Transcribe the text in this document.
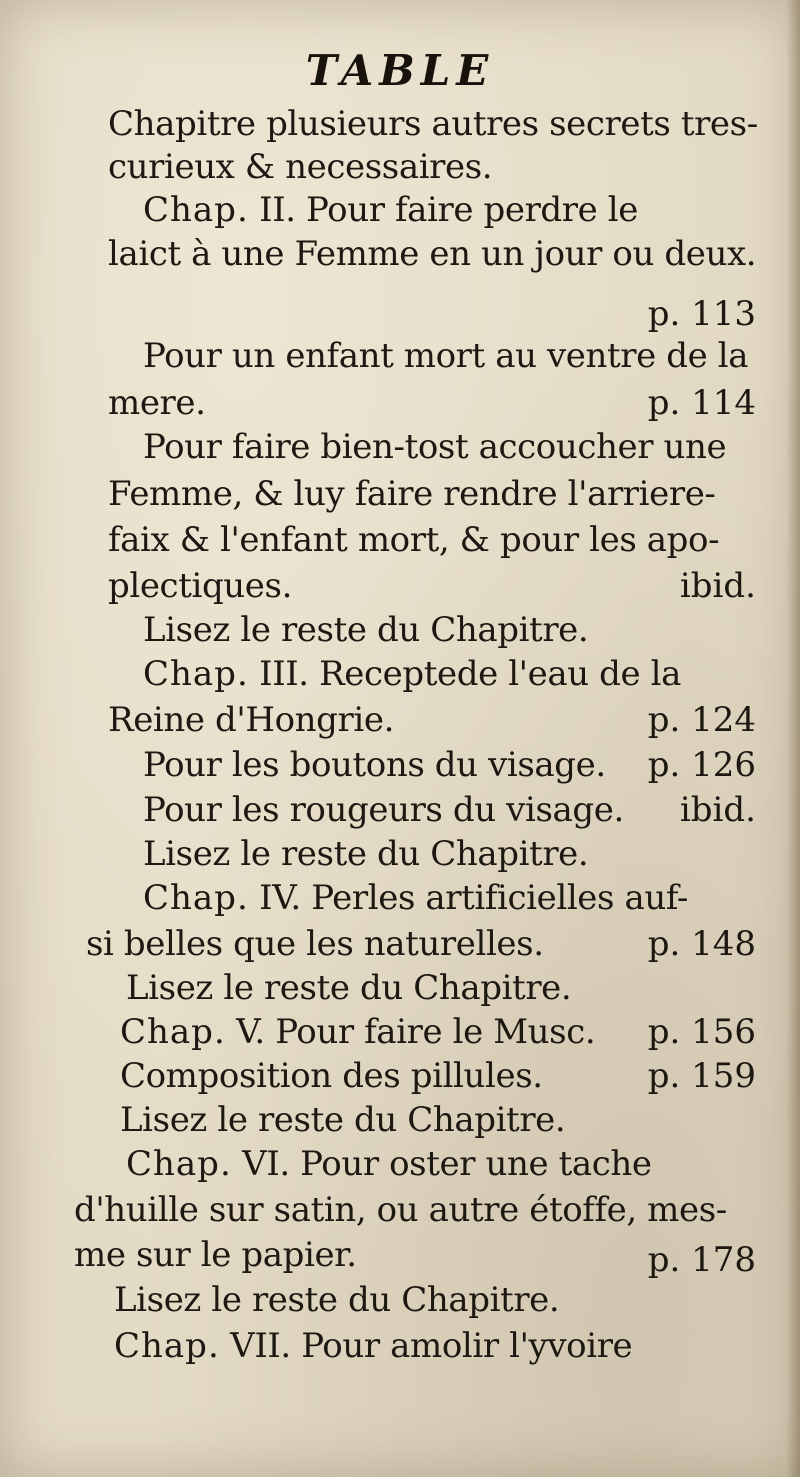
TABLE
Chapitre plusieurs autres secrets tres-
curieux & necessaires.
Chap. II. Pour faire perdre le
laict à une Femme en un jour ou deux.
p. 113
Pour un enfant mort au ventre de la
mere.	p. 114
Pour faire bien-tost accoucher une
Femme, & luy faire rendre l'arriere-
faix & l'enfant mort, & pour les apo-
plectiques.	ibid.
Lisez le reste du Chapitre.
Chap. III. Receptede l'eau de la
Reine d'Hongrie.	p. 124
Pour les boutons du visage. p. 126
Pour les rougeurs du visage. ibid.
Lisez le reste du Chapitre.
Chap. IV. Perles artificielles auf-
si belles que les naturelles.	p. 148
Lisez le reste du Chapitre.
Chap. V. Pour faire le Musc. p. 156
Composition des pillules.	p. 159
Lisez le reste du Chapitre.
Chap. VI. Pour oster une tache
d'huille sur satin, ou autre étoffe, mes-
me sur le papier.	p. 178
Lisez le reste du Chapitre.
Chap. VII. Pour amolir l'yvoire
